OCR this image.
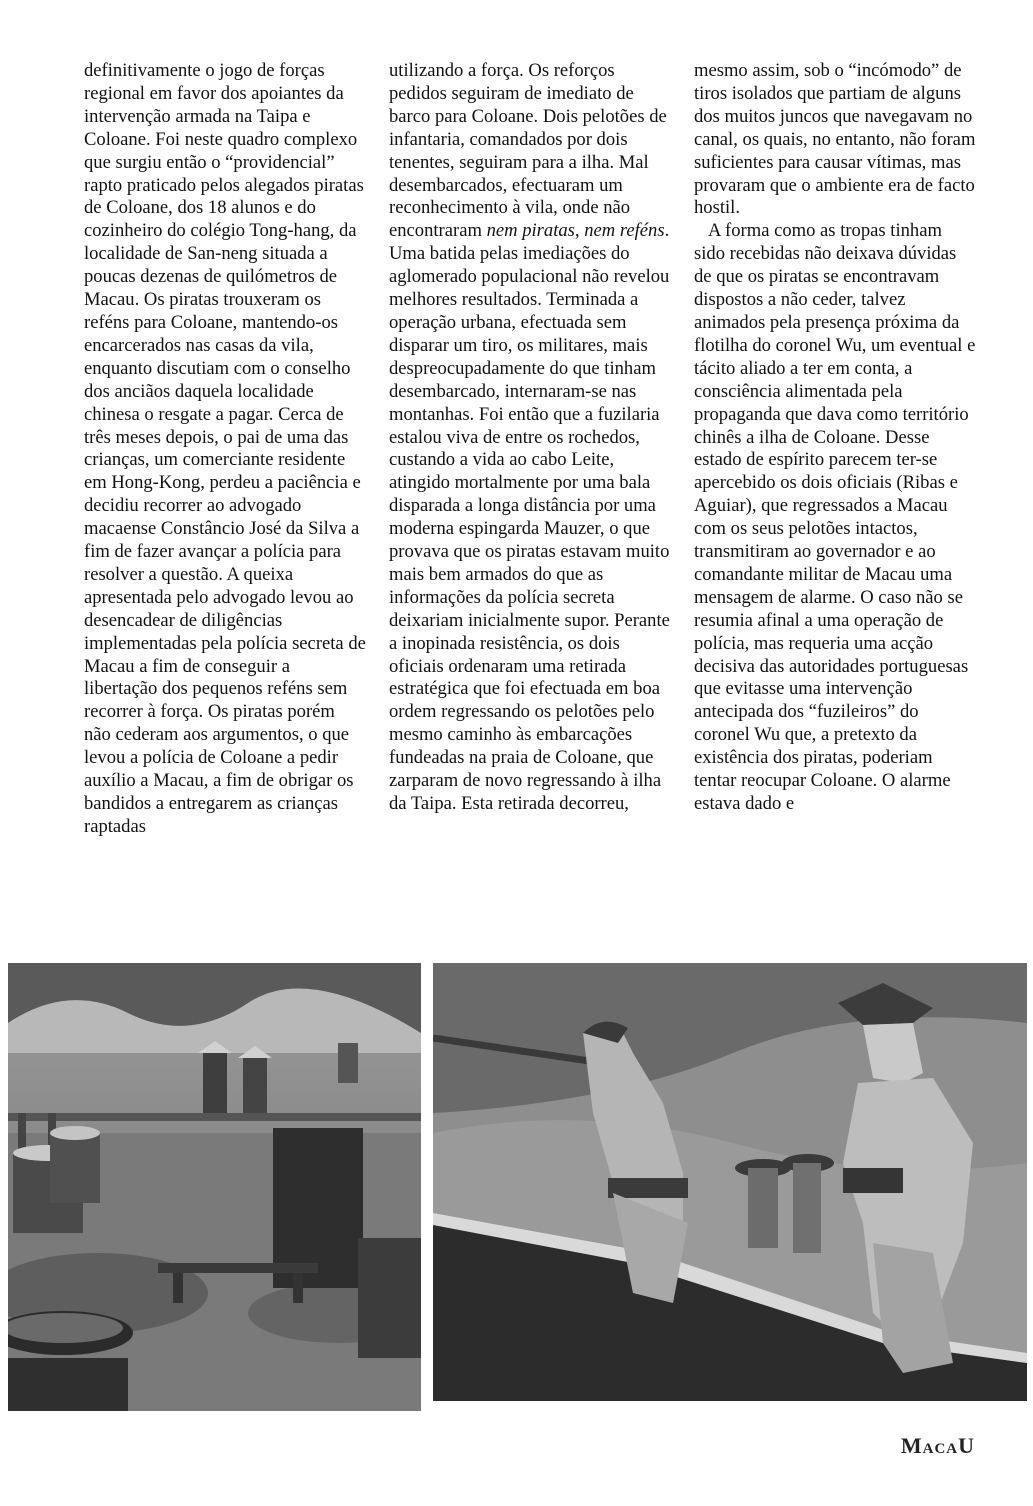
definitivamente o jogo de forças regional em favor dos apoiantes da intervenção armada na Taipa e Coloane. Foi neste quadro complexo que surgiu então o “providencial” rapto praticado pelos alegados piratas de Coloane, dos 18 alunos e do cozinheiro do colégio Tong-hang, da localidade de San-neng situada a poucas dezenas de quilómetros de Macau. Os piratas trouxeram os reféns para Coloane, mantendo-os encarcerados nas casas da vila, enquanto discutiam com o conselho dos anciãos daquela localidade chinesa o resgate a pagar. Cerca de três meses depois, o pai de uma das crianças, um comerciante residente em Hong-Kong, perdeu a paciência e decidiu recorrer ao advogado macaense Constâncio José da Silva a fim de fazer avançar a polícia para resolver a questão. A queixa apresentada pelo advogado levou ao desencadear de diligências implementadas pela polícia secreta de Macau a fim de conseguir a libertação dos pequenos reféns sem recorrer à força. Os piratas porém não cederam aos argumentos, o que levou a polícia de Coloane a pedir auxílio a Macau, a fim de obrigar os bandidos a entregarem as crianças raptadas

utilizando a força. Os reforços pedidos seguiram de imediato de barco para Coloane. Dois pelotões de infantaria, comandados por dois tenentes, seguiram para a ilha. Mal desembarcados, efectuaram um reconhecimento à vila, onde não encontraram nem piratas, nem reféns. Uma batida pelas imediações do aglomerado populacional não revelou melhores resultados. Terminada a operação urbana, efectuada sem disparar um tiro, os militares, mais despreocupadamente do que tinham desembarcado, internaram-se nas montanhas. Foi então que a fuzilaria estalou viva de entre os rochedos, custando a vida ao cabo Leite, atingido mortalmente por uma bala disparada a longa distância por uma moderna espingarda Mauzer, o que provava que os piratas estavam muito mais bem armados do que as informações da polícia secreta deixariam inicialmente supor. Perante a inopinada resistência, os dois oficiais ordenaram uma retirada estratégica que foi efectuada em boa ordem regressando os pelotões pelo mesmo caminho às embarcações fundeadas na praia de Coloane, que zarparam de novo regressando à ilha da Taipa. Esta retirada decorreu,

mesmo assim, sob o “incómodo” de tiros isolados que partiam de alguns dos muitos juncos que navegavam no canal, os quais, no entanto, não foram suficientes para causar vítimas, mas provaram que o ambiente era de facto hostil.

A forma como as tropas tinham sido recebidas não deixava dúvidas de que os piratas se encontravam dispostos a não ceder, talvez animados pela presença próxima da flotilha do coronel Wu, um eventual e tácito aliado a ter em conta, a consciência alimentada pela propaganda que dava como território chinês a ilha de Coloane. Desse estado de espírito parecem ter-se apercebido os dois oficiais (Ribas e Aguiar), que regressados a Macau com os seus pelotões intactos, transmitiram ao governador e ao comandante militar de Macau uma mensagem de alarme. O caso não se resumia afinal a uma operação de polícia, mas requeria uma acção decisiva das autoridades portuguesas que evitasse uma intervenção antecipada dos “fuzileiros” do coronel Wu que, a pretexto da existência dos piratas, poderiam tentar reocupar Coloane. O alarme estava dado e

MacaU
